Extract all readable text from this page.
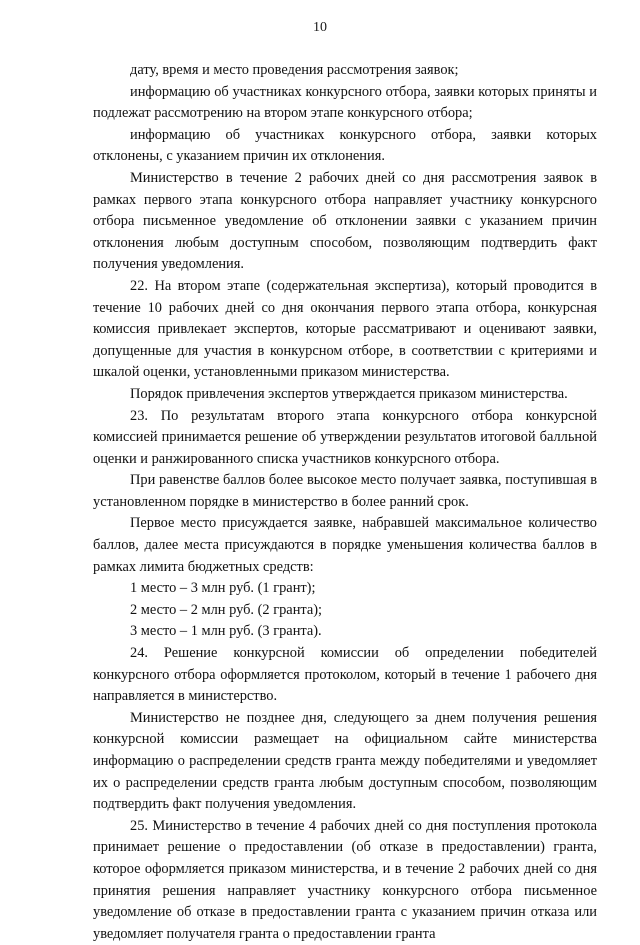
10

дату, время и место проведения рассмотрения заявок;

информацию об участниках конкурсного отбора, заявки которых приняты и подлежат рассмотрению на втором этапе конкурсного отбора;

информацию об участниках конкурсного отбора, заявки которых отклонены, с указанием причин их отклонения.

Министерство в течение 2 рабочих дней со дня рассмотрения заявок в рамках первого этапа конкурсного отбора направляет участнику конкурсного отбора письменное уведомление об отклонении заявки с указанием причин отклонения любым доступным способом, позволяющим подтвердить факт получения уведомления.

22. На втором этапе (содержательная экспертиза), который проводится в течение 10 рабочих дней со дня окончания первого этапа отбора, конкурсная комиссия привлекает экспертов, которые рассматривают и оценивают заявки, допущенные для участия в конкурсном отборе, в соответствии с критериями и шкалой оценки, установленными приказом министерства.

Порядок привлечения экспертов утверждается приказом министерства.

23. По результатам второго этапа конкурсного отбора конкурсной комиссией принимается решение об утверждении результатов итоговой балльной оценки и ранжированного списка участников конкурсного отбора.

При равенстве баллов более высокое место получает заявка, поступившая в установленном порядке в министерство в более ранний срок.

Первое место присуждается заявке, набравшей максимальное количество баллов, далее места присуждаются в порядке уменьшения количества баллов в рамках лимита бюджетных средств:

1 место – 3 млн руб. (1 грант);

2 место – 2 млн руб. (2 гранта);

3 место – 1 млн руб. (3 гранта).

24. Решение конкурсной комиссии об определении победителей конкурсного отбора оформляется протоколом, который в течение 1 рабочего дня направляется в министерство.

Министерство не позднее дня, следующего за днем получения решения конкурсной комиссии размещает на официальном сайте министерства информацию о распределении средств гранта между победителями и уведомляет их о распределении средств гранта любым доступным способом, позволяющим подтвердить факт получения уведомления.

25. Министерство в течение 4 рабочих дней со дня поступления протокола принимает решение о предоставлении (об отказе в предоставлении) гранта, которое оформляется приказом министерства, и в течение 2 рабочих дней со дня принятия решения направляет участнику конкурсного отбора письменное уведомление об отказе в предоставлении гранта с указанием причин отказа или уведомляет получателя гранта о предоставлении гранта
